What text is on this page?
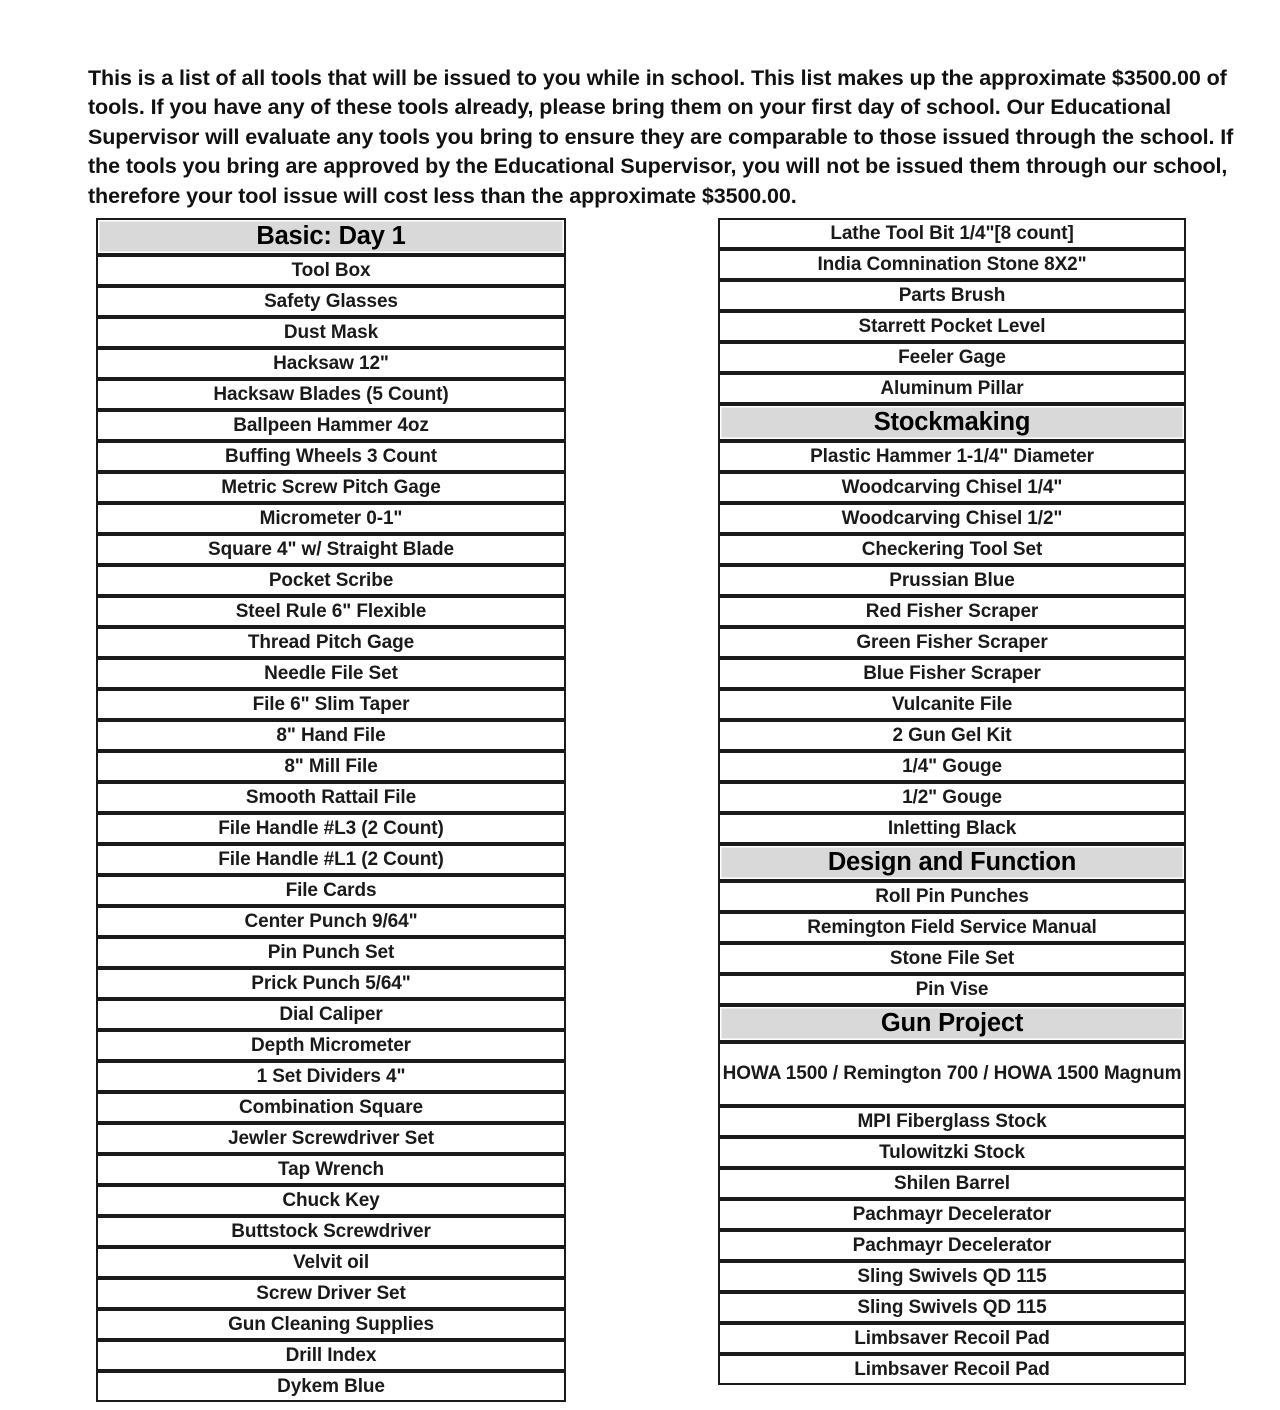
This is a list of all tools that will be issued to you while in school. This list makes up the approximate $3500.00 of tools. If you have any of these tools already, please bring them on your first day of school. Our Educational Supervisor will evaluate any tools you bring to ensure they are comparable to those issued through the school. If the tools you bring are approved by the Educational Supervisor, you will not be issued them through our school, therefore your tool issue will cost less than the approximate $3500.00.

Basic: Day 1

Tool Box

Safety Glasses

Dust Mask

Hacksaw 12"

Hacksaw Blades (5 Count)

Ballpeen Hammer 4oz

Buffing Wheels 3 Count

Metric Screw Pitch Gage

Micrometer 0-1"

Square 4" w/ Straight Blade

Pocket Scribe

Steel Rule 6" Flexible

Thread Pitch Gage

Needle File Set

File 6" Slim Taper

8" Hand File

8" Mill File

Smooth Rattail File

File Handle #L3 (2 Count)

File Handle #L1 (2 Count)

File Cards

Center Punch 9/64"

Pin Punch Set

Prick Punch 5/64"

Dial Caliper

Depth Micrometer

1 Set Dividers 4"

Combination Square

Jewler Screwdriver Set

Tap Wrench

Chuck Key

Buttstock Screwdriver

Velvit oil

Screw Driver Set

Gun Cleaning Supplies

Drill Index

Dykem Blue
Lathe Tool Bit 1/4"[8 count]

India Comnination Stone 8X2"

Parts Brush

Starrett Pocket Level

Feeler Gage

Aluminum Pillar

Stockmaking

Plastic Hammer 1-1/4" Diameter

Woodcarving Chisel 1/4"

Woodcarving Chisel 1/2"

Checkering Tool Set

Prussian Blue

Red Fisher Scraper

Green Fisher Scraper

Blue Fisher Scraper

Vulcanite File

2 Gun Gel Kit

1/4" Gouge

1/2" Gouge

Inletting Black

Design and Function

Roll Pin Punches

Remington Field Service Manual

Stone File Set

Pin Vise

Gun Project

HOWA 1500 / Remington 700 / HOWA 1500 Magnum

MPI Fiberglass Stock

Tulowitzki Stock

Shilen Barrel

Pachmayr Decelerator

Pachmayr Decelerator

Sling Swivels QD 115

Sling Swivels QD 115

Limbsaver Recoil Pad

Limbsaver Recoil Pad
